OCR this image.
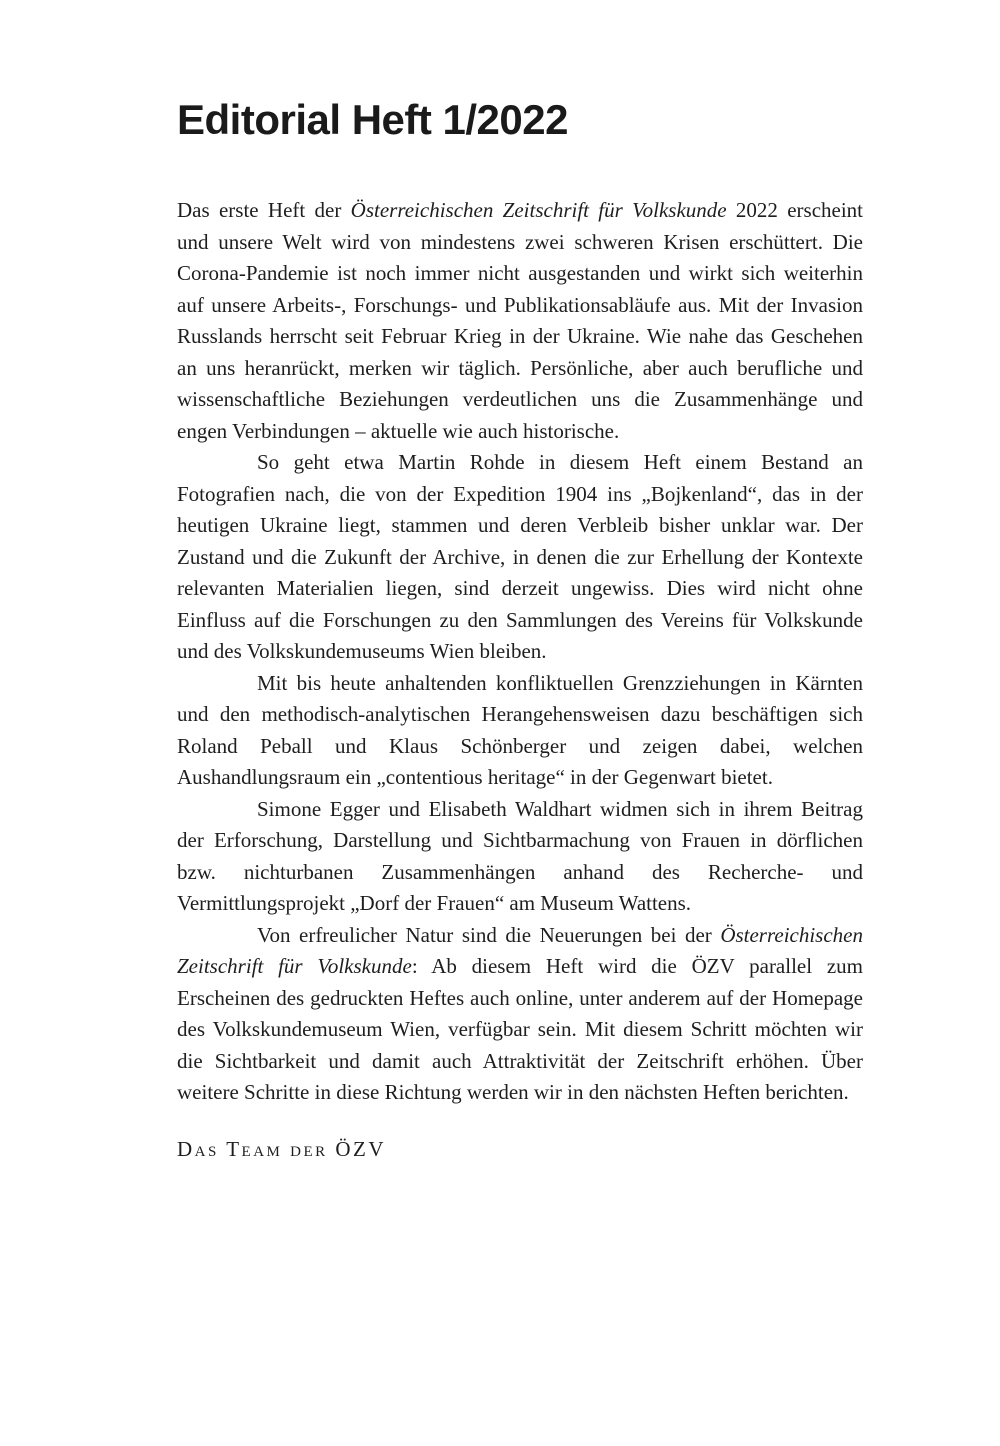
Editorial Heft 1/2022

Das erste Heft der Österreichischen Zeitschrift für Volkskunde 2022 erscheint und unsere Welt wird von mindestens zwei schweren Krisen erschüttert. Die Corona-Pandemie ist noch immer nicht ausgestanden und wirkt sich weiterhin auf unsere Arbeits-, Forschungs- und Publikationsabläufe aus. Mit der Invasion Russlands herrscht seit Februar Krieg in der Ukraine. Wie nahe das Geschehen an uns heranrückt, merken wir täglich. Persönliche, aber auch berufliche und wissenschaftliche Beziehungen verdeutlichen uns die Zusammenhänge und engen Verbindungen – aktuelle wie auch historische.

So geht etwa Martin Rohde in diesem Heft einem Bestand an Fotografien nach, die von der Expedition 1904 ins „Bojkenland“, das in der heutigen Ukraine liegt, stammen und deren Verbleib bisher unklar war. Der Zustand und die Zukunft der Archive, in denen die zur Erhellung der Kontexte relevanten Materialien liegen, sind derzeit ungewiss. Dies wird nicht ohne Einfluss auf die Forschungen zu den Sammlungen des Vereins für Volkskunde und des Volkskundemuseums Wien bleiben.

Mit bis heute anhaltenden konfliktuellen Grenzziehungen in Kärnten und den methodisch-analytischen Herangehensweisen dazu beschäftigen sich Roland Peball und Klaus Schönberger und zeigen dabei, welchen Aushandlungsraum ein „contentious heritage“ in der Gegenwart bietet.

Simone Egger und Elisabeth Waldhart widmen sich in ihrem Beitrag der Erforschung, Darstellung und Sichtbarmachung von Frauen in dörflichen bzw. nichturbanen Zusammenhängen anhand des Recherche- und Vermittlungsprojekt „Dorf der Frauen“ am Museum Wattens.

Von erfreulicher Natur sind die Neuerungen bei der Österreichischen Zeitschrift für Volkskunde: Ab diesem Heft wird die ÖZV parallel zum Erscheinen des gedruckten Heftes auch online, unter anderem auf der Homepage des Volkskundemuseum Wien, verfügbar sein. Mit diesem Schritt möchten wir die Sichtbarkeit und damit auch Attraktivität der Zeitschrift erhöhen. Über weitere Schritte in diese Richtung werden wir in den nächsten Heften berichten.

Das Team der ÖZV
